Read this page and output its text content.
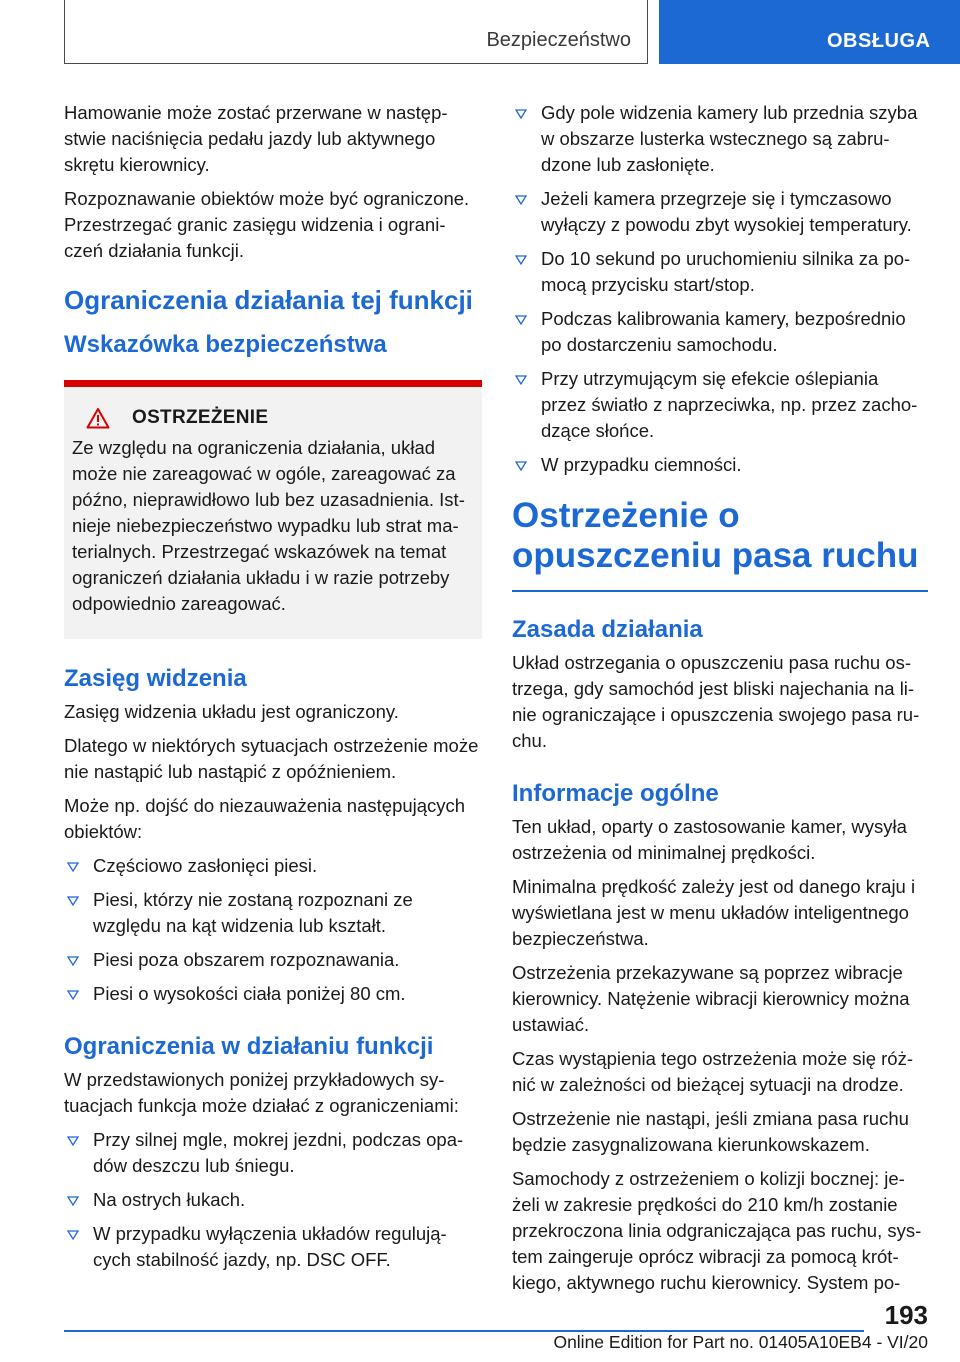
Bezpieczeństwo	OBSŁUGA

Hamowanie może zostać przerwane w następ-stwie naciśnięcia pedału jazdy lub aktywnego skrętu kierownicy.

Rozpoznawanie obiektów może być ograniczone. Przestrzegać granic zasięgu widzenia i ograni-czeń działania funkcji.

Ograniczenia działania tej funkcji
Wskazówka bezpieczeństwa
OSTRZEŻENIE
Ze względu na ograniczenia działania, układ może nie zareagować w ogóle, zareagować za późno, nieprawidłowo lub bez uzasadnienia. Ist-nieje niebezpieczeństwo wypadku lub strat ma-terialnych. Przestrzegać wskazówek na temat ograniczeń działania układu i w razie potrzeby odpowiednio zareagować.
Zasięg widzenia

Zasięg widzenia układu jest ograniczony.

Dlatego w niektórych sytuacjach ostrzeżenie może nie nastąpić lub nastąpić z opóźnieniem.

Może np. dojść do niezauważenia następujących obiektów:

Częściowo zasłonięci piesi.
Piesi, którzy nie zostaną rozpoznani ze względu na kąt widzenia lub kształt.
Piesi poza obszarem rozpoznawania.
Piesi o wysokości ciała poniżej 80 cm.
Ograniczenia w działaniu funkcji

W przedstawionych poniżej przykładowych sy-tuacjach funkcja może działać z ograniczeniami:

Przy silnej mgle, mokrej jezdni, podczas opa-dów deszczu lub śniegu.
Na ostrych łukach.
W przypadku wyłączenia układów regulują-cych stabilność jazdy, np. DSC OFF.
Gdy pole widzenia kamery lub przednia szyba w obszarze lusterka wstecznego są zabru-dzone lub zasłonięte.
Jeżeli kamera przegrzeje się i tymczasowo wyłączy z powodu zbyt wysokiej temperatury.
Do 10 sekund po uruchomieniu silnika za po-mocą przycisku start/stop.
Podczas kalibrowania kamery, bezpośrednio po dostarczeniu samochodu.
Przy utrzymującym się efekcie oślepiania przez światło z naprzeciwka, np. przez zacho-dzące słońce.
W przypadku ciemności.
Ostrzeżenie o opuszczeniu pasa ruchu
Zasada działania

Układ ostrzegania o opuszczeniu pasa ruchu os-trzega, gdy samochód jest bliski najechania na li-nie ograniczające i opuszczenia swojego pasa ru-chu.

Informacje ogólne

Ten układ, oparty o zastosowanie kamer, wysyła ostrzeżenia od minimalnej prędkości.

Minimalna prędkość zależy jest od danego kraju i wyświetlana jest w menu układów inteligentnego bezpieczeństwa.

Ostrzeżenia przekazywane są poprzez wibracje kierownicy. Natężenie wibracji kierownicy można ustawiać.

Czas wystąpienia tego ostrzeżenia może się róż-nić w zależności od bieżącej sytuacji na drodze.

Ostrzeżenie nie nastąpi, jeśli zmiana pasa ruchu będzie zasygnalizowana kierunkowskazem.

Samochody z ostrzeżeniem o kolizji bocznej: je-żeli w zakresie prędkości do 210 km/h zostanie przekroczona linia odgraniczająca pas ruchu, sys-tem zaingeruje oprócz wibracji za pomocą krót-kiego, aktywnego ruchu kierownicy. System po-

193
Online Edition for Part no. 01405A10EB4 - VI/20
